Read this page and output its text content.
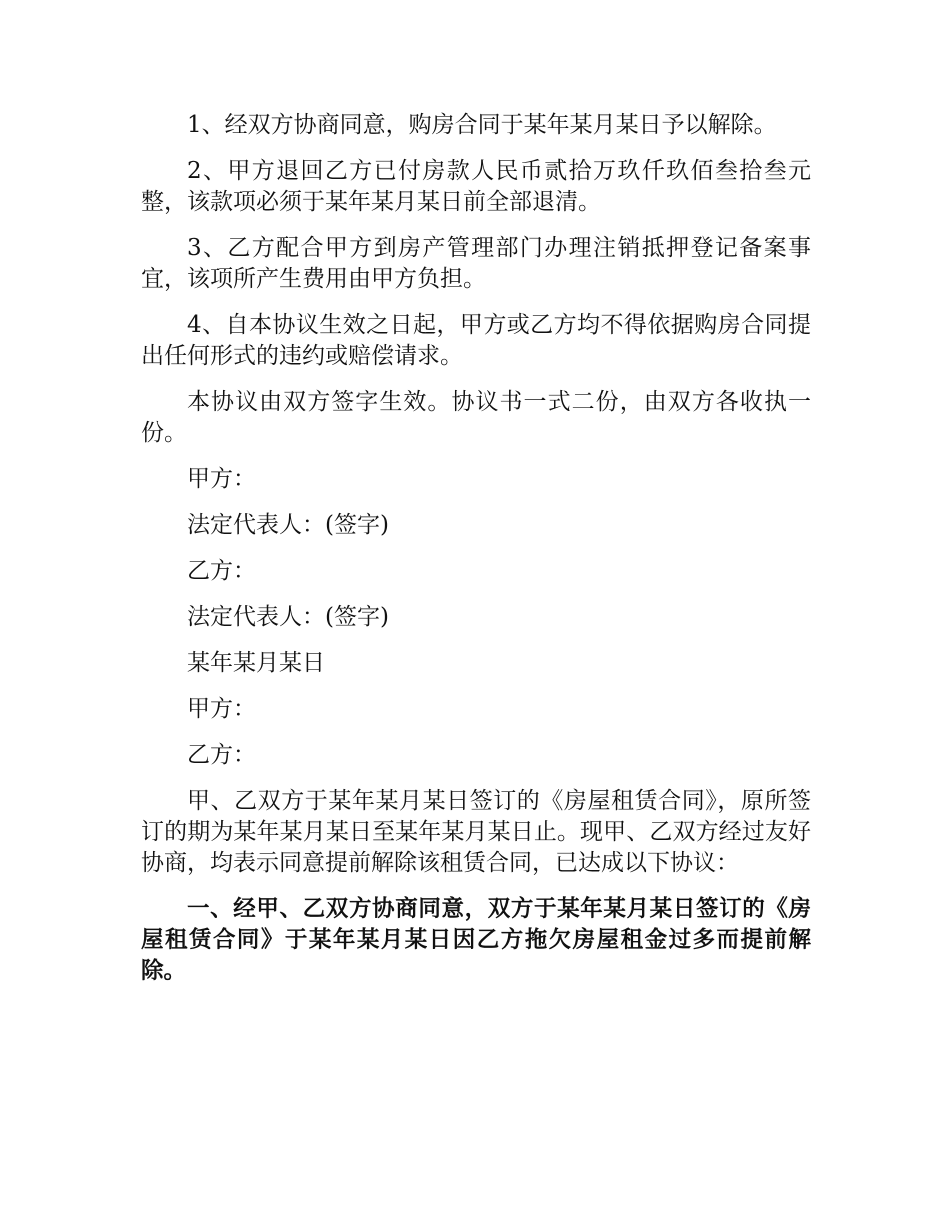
1、经双方协商同意，购房合同于某年某月某日予以解除。

2、甲方退回乙方已付房款人民币贰拾万玖仟玖佰叁拾叁元整，该款项必须于某年某月某日前全部退清。

3、乙方配合甲方到房产管理部门办理注销抵押登记备案事宜，该项所产生费用由甲方负担。

4、自本协议生效之日起，甲方或乙方均不得依据购房合同提出任何形式的违约或赔偿请求。

本协议由双方签字生效。协议书一式二份，由双方各收执一份。

甲方：

法定代表人：(签字)

乙方：

法定代表人：(签字)

某年某月某日

甲方：

乙方：

甲、乙双方于某年某月某日签订的《房屋租赁合同》，原所签订的期为某年某月某日至某年某月某日止。现甲、乙双方经过友好协商，均表示同意提前解除该租赁合同，已达成以下协议：

一、经甲、乙双方协商同意，双方于某年某月某日签订的《房屋租赁合同》于某年某月某日因乙方拖欠房屋租金过多而提前解除。
